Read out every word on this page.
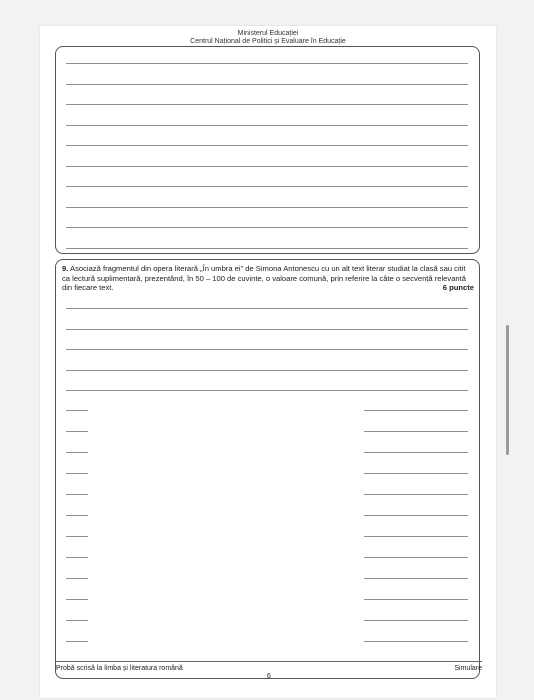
Ministerul Educației
Centrul Național de Politici și Evaluare în Educație
9. Asociază fragmentul din opera literară „În umbra ei” de Simona Antonescu cu un alt text literar studiat la clasă sau citit ca lectură suplimentară, prezentând, în 50 – 100 de cuvinte, o valoare comună, prin referire la câte o secvență relevantă din fiecare text.	6 puncte
Probă scrisă la limba și literatura română	Simulare
6
